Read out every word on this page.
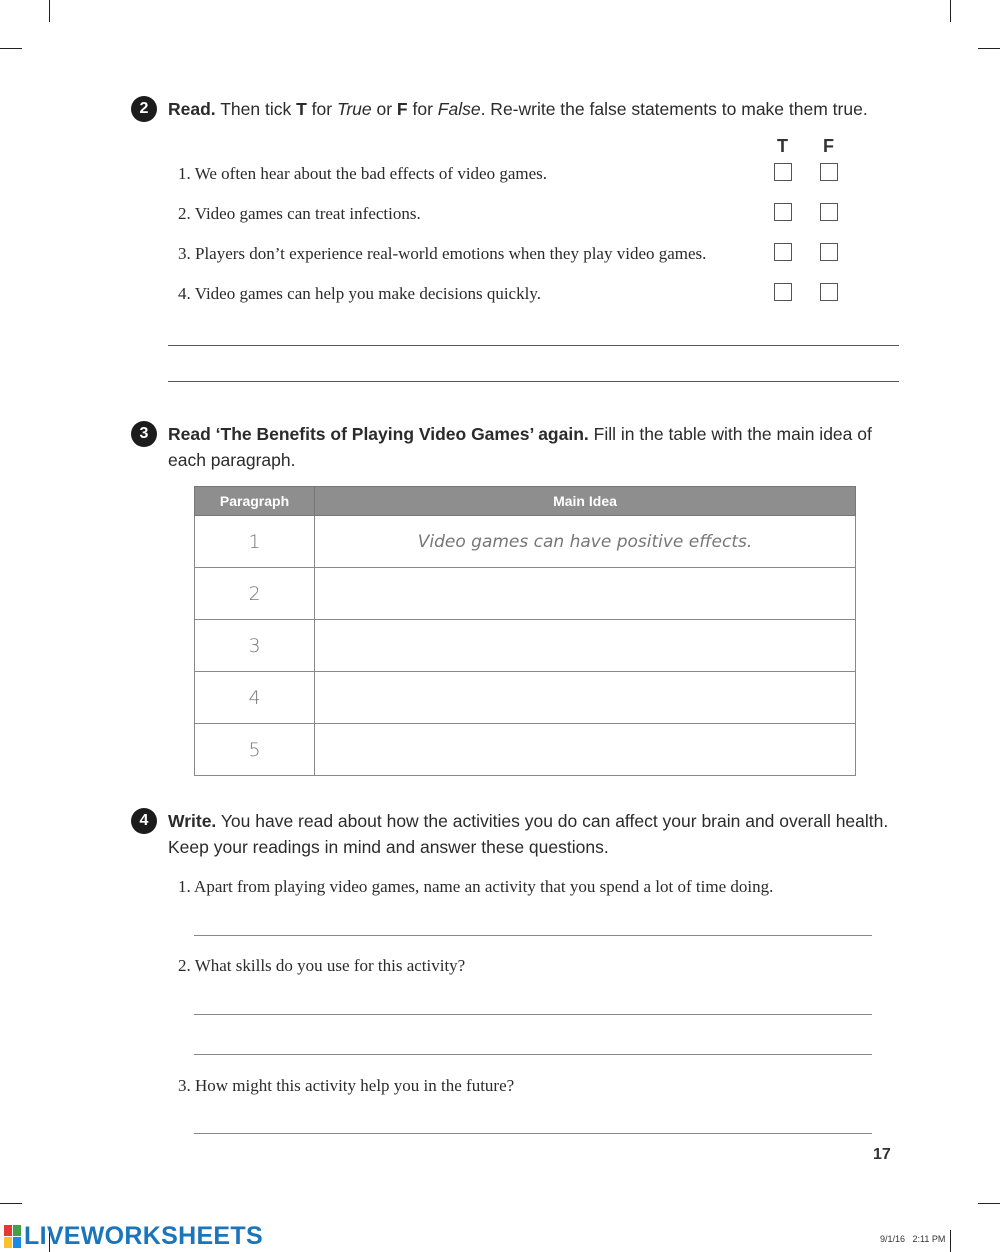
2	Read. Then tick T for True or F for False. Re-write the false statements to make them true.
T F
1. We often hear about the bad effects of video games.
2. Video games can treat infections.
3. Players don’t experience real-world emotions when they play video games.
4. Video games can help you make decisions quickly.
3	Read ‘The Benefits of Playing Video Games’ again. Fill in the table with the main idea of each paragraph.
Paragraph	Main Idea
1	Video games can have positive effects.
2	
3	
4	
5	
4	Write. You have read about how the activities you do can affect your brain and overall health. Keep your readings in mind and answer these questions.
1. Apart from playing video games, name an activity that you spend a lot of time doing.
2. What skills do you use for this activity?
3. How might this activity help you in the future?
17
LIVEWORKSHEETS	9/1/16   2:11 PM
